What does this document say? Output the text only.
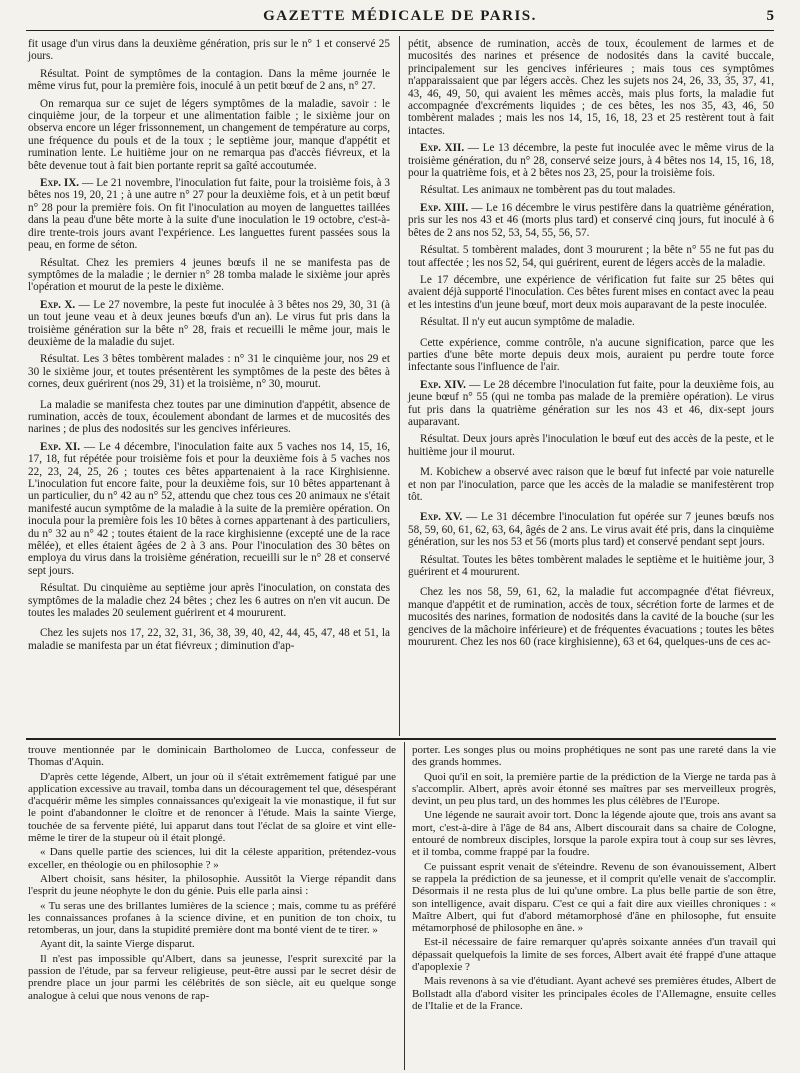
GAZETTE MÉDICALE DE PARIS.	5

fit usage d'un virus dans la deuxième génération, pris sur le n° 1 et conservé 25 jours.

Résultat. Point de symptômes de la contagion. Dans la même journée le même virus fut, pour la première fois, inoculé à un petit bœuf de 2 ans, n° 27.

On remarqua sur ce sujet de légers symptômes de la maladie, savoir : le cinquième jour, de la torpeur et une alimentation faible ; le sixième jour on observa encore un léger frissonnement, un changement de température au corps, une fréquence du pouls et de la toux ; le septième jour, manque d'appétit et rumination lente. Le huitième jour on ne remarqua pas d'accès fiévreux, et la bête devenue tout à fait bien portante reprit sa gaîté accoutumée.

Exp. IX. — Le 21 novembre, l'inoculation fut faite, pour la troisième fois, à 3 bêtes nos 19, 20, 21 ; à une autre n° 27 pour la deuxième fois, et à un petit bœuf n° 28 pour la première fois. On fit l'inoculation au moyen de languettes taillées dans la peau d'une bête morte à la suite d'une inoculation le 19 octobre, c'est-à-dire trente-trois jours avant l'expérience. Les languettes furent passées sous la peau, en forme de séton.

Résultat. Chez les premiers 4 jeunes bœufs il ne se manifesta pas de symptômes de la maladie ; le dernier n° 28 tomba malade le sixième jour après l'opération et mourut de la peste le dixième.

Exp. X. — Le 27 novembre, la peste fut inoculée à 3 bêtes nos 29, 30, 31 (à un tout jeune veau et à deux jeunes bœufs d'un an). Le virus fut pris dans la troisième génération sur la bête n° 28, frais et recueilli le même jour, mais le deuxième de la maladie du sujet.

Résultat. Les 3 bêtes tombèrent malades : n° 31 le cinquième jour, nos 29 et 30 le sixième jour, et toutes présentèrent les symptômes de la peste des bêtes à cornes, deux guérirent (nos 29, 31) et la troisième, n° 30, mourut.

La maladie se manifesta chez toutes par une diminution d'appétit, absence de rumination, accès de toux, écoulement abondant de larmes et de mucosités des narines ; de plus des nodosités sur les gencives inférieures.

Exp. XI. — Le 4 décembre, l'inoculation faite aux 5 vaches nos 14, 15, 16, 17, 18, fut répétée pour troisième fois et pour la deuxième fois à 5 vaches nos 22, 23, 24, 25, 26 ; toutes ces bêtes appartenaient à la race Kirghisienne. L'inoculation fut encore faite, pour la deuxième fois, sur 10 bêtes appartenant à un particulier, du n° 42 au n° 52, attendu que chez tous ces 20 animaux ne s'était manifesté aucun symptôme de la maladie à la suite de la première opération. On inocula pour la première fois les 10 bêtes à cornes appartenant à des particuliers, du n° 32 au n° 42 ; toutes étaient de la race kirghisienne (excepté une de la race mêlée), et elles étaient âgées de 2 à 3 ans. Pour l'inoculation des 30 bêtes on employa du virus dans la troisième génération, recueilli sur le n° 28 et conservé sept jours.

Résultat. Du cinquième au septième jour après l'inoculation, on constata des symptômes de la maladie chez 24 bêtes ; chez les 6 autres on n'en vit aucun. De toutes les malades 20 seulement guérirent et 4 moururent.

Chez les sujets nos 17, 22, 32, 31, 36, 38, 39, 40, 42, 44, 45, 47, 48 et 51, la maladie se manifesta par un état fiévreux ; diminution d'ap-

pétit, absence de rumination, accès de toux, écoulement de larmes et de mucosités des narines et présence de nodosités dans la cavité buccale, principalement sur les gencives inférieures ; mais tous ces symptômes n'apparaissaient que par légers accès. Chez les sujets nos 24, 26, 33, 35, 37, 41, 43, 46, 49, 50, qui avaient les mêmes accès, mais plus forts, la maladie fut accompagnée d'excréments liquides ; de ces bêtes, les nos 35, 43, 46, 50 tombèrent malades ; mais les nos 14, 15, 16, 18, 23 et 25 restèrent tout à fait intactes.

Exp. XII. — Le 13 décembre, la peste fut inoculée avec le même virus de la troisième génération, du n° 28, conservé seize jours, à 4 bêtes nos 14, 15, 16, 18, pour la quatrième fois, et à 2 bêtes nos 23, 25, pour la troisième fois.

Résultat. Les animaux ne tombèrent pas du tout malades.

Exp. XIII. — Le 16 décembre le virus pestifère dans la quatrième génération, pris sur les nos 43 et 46 (morts plus tard) et conservé cinq jours, fut inoculé à 6 bêtes de 2 ans nos 52, 53, 54, 55, 56, 57.

Résultat. 5 tombèrent malades, dont 3 moururent ; la bête n° 55 ne fut pas du tout affectée ; les nos 52, 54, qui guérirent, eurent de légers accès de la maladie.

Le 17 décembre, une expérience de vérification fut faite sur 25 bêtes qui avaient déjà supporté l'inoculation. Ces bêtes furent mises en contact avec la peau et les intestins d'un jeune bœuf, mort deux mois auparavant de la peste inoculée.

Résultat. Il n'y eut aucun symptôme de maladie.

Cette expérience, comme contrôle, n'a aucune signification, parce que les parties d'une bête morte depuis deux mois, auraient pu perdre toute force infectante sous l'influence de l'air.

Exp. XIV. — Le 28 décembre l'inoculation fut faite, pour la deuxième fois, au jeune bœuf n° 55 (qui ne tomba pas malade de la première opération). Le virus fut pris dans la quatrième génération sur les nos 43 et 46, dix-sept jours auparavant.

Résultat. Deux jours après l'inoculation le bœuf eut des accès de la peste, et le huitième jour il mourut.

M. Kobichew a observé avec raison que le bœuf fut infecté par voie naturelle et non par l'inoculation, parce que les accès de la maladie se manifestèrent trop tôt.

Exp. XV. — Le 31 décembre l'inoculation fut opérée sur 7 jeunes bœufs nos 58, 59, 60, 61, 62, 63, 64, âgés de 2 ans. Le virus avait été pris, dans la cinquième génération, sur les nos 53 et 56 (morts plus tard) et conservé pendant sept jours.

Résultat. Toutes les bêtes tombèrent malades le septième et le huitième jour, 3 guérirent et 4 moururent.

Chez les nos 58, 59, 61, 62, la maladie fut accompagnée d'état fiévreux, manque d'appétit et de rumination, accès de toux, sécrétion forte de larmes et de mucosités des narines, formation de nodosités dans la cavité de la bouche (sur les gencives de la mâchoire inférieure) et de fréquentes évacuations ; toutes les bêtes moururent. Chez les nos 60 (race kirghisienne), 63 et 64, quelques-uns de ces ac-

trouve mentionnée par le dominicain Bartholomeo de Lucca, confesseur de Thomas d'Aquin.

D'après cette légende, Albert, un jour où il s'était extrêmement fatigué par une application excessive au travail, tomba dans un découragement tel que, désespérant d'acquérir même les simples connaissances qu'exigeait la vie monastique, il fut sur le point d'abandonner le cloître et de renoncer à l'étude. Mais la sainte Vierge, touchée de sa fervente piété, lui apparut dans tout l'éclat de sa gloire et vint elle-même le tirer de la stupeur où il était plongé.

« Dans quelle partie des sciences, lui dit la céleste apparition, prétendez-vous exceller, en théologie ou en philosophie ? »

Albert choisit, sans hésiter, la philosophie. Aussitôt la Vierge répandit dans l'esprit du jeune néophyte le don du génie. Puis elle parla ainsi :

« Tu seras une des brillantes lumières de la science ; mais, comme tu as préféré les connaissances profanes à la science divine, et en punition de ton choix, tu retomberas, un jour, dans la stupidité première dont ma bonté vient de te tirer. »

Ayant dit, la sainte Vierge disparut.

Il n'est pas impossible qu'Albert, dans sa jeunesse, l'esprit surexcité par la passion de l'étude, par sa ferveur religieuse, peut-être aussi par le secret désir de prendre place un jour parmi les célébrités de son siècle, ait eu quelque songe analogue à celui que nous venons de rap-

porter. Les songes plus ou moins prophétiques ne sont pas une rareté dans la vie des grands hommes.

Quoi qu'il en soit, la première partie de la prédiction de la Vierge ne tarda pas à s'accomplir. Albert, après avoir étonné ses maîtres par ses merveilleux progrès, devint, un peu plus tard, un des hommes les plus célèbres de l'Europe.

Une légende ne saurait avoir tort. Donc la légende ajoute que, trois ans avant sa mort, c'est-à-dire à l'âge de 84 ans, Albert discourait dans sa chaire de Cologne, entouré de nombreux disciples, lorsque la parole expira tout à coup sur ses lèvres, et il tomba, comme frappé par la foudre.

Ce puissant esprit venait de s'éteindre. Revenu de son évanouissement, Albert se rappela la prédiction de sa jeunesse, et il comprit qu'elle venait de s'accomplir. Désormais il ne resta plus de lui qu'une ombre. La plus belle partie de son être, son intelligence, avait disparu. C'est ce qui a fait dire aux vieilles chroniques : « Maître Albert, qui fut d'abord métamorphosé d'âne en philosophe, fut ensuite métamorphosé de philosophe en âne. »

Est-il nécessaire de faire remarquer qu'après soixante années d'un travail qui dépassait quelquefois la limite de ses forces, Albert avait été frappé d'une attaque d'apoplexie ?

Mais revenons à sa vie d'étudiant. Ayant achevé ses premières études, Albert de Bollstadt alla d'abord visiter les principales écoles de l'Allemagne, ensuite celles de l'Italie et de la France.
